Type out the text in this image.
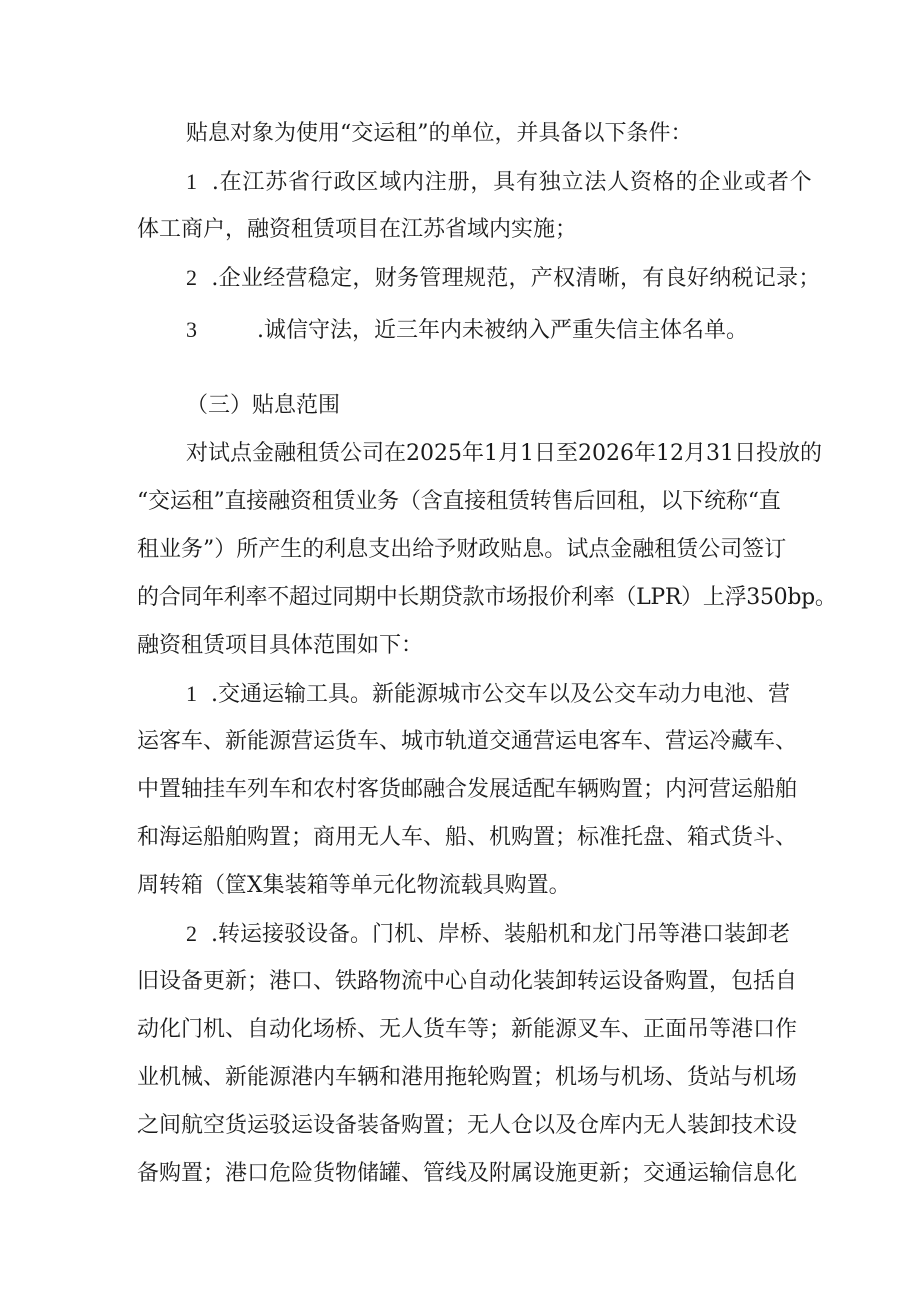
贴息对象为使用“交运租”的单位，并具备以下条件：
1 .在江苏省行政区域内注册，具有独立法人资格的企业或者个
体工商户，融资租赁项目在江苏省域内实施；
2 .企业经营稳定，财务管理规范，产权清晰，有良好纳税记录；
3	.诚信守法，近三年内未被纳入严重失信主体名单。
（三）贴息范围
对试点金融租赁公司在2025年1月1日至2026年12月31日投放的
“交运租”直接融资租赁业务（含直接租赁转售后回租，以下统称“直
租业务”）所产生的利息支出给予财政贴息。试点金融租赁公司签订
的合同年利率不超过同期中长期贷款市场报价利率（LPR）上浮350bp。
融资租赁项目具体范围如下：
1 .交通运输工具。新能源城市公交车以及公交车动力电池、营
运客车、新能源营运货车、城市轨道交通营运电客车、营运冷藏车、
中置轴挂车列车和农村客货邮融合发展适配车辆购置；内河营运船舶
和海运船舶购置；商用无人车、船、机购置；标准托盘、箱式货斗、
周转箱（筐X集装箱等单元化物流载具购置。
2 .转运接驳设备。门机、岸桥、装船机和龙门吊等港口装卸老
旧设备更新；港口、铁路物流中心自动化装卸转运设备购置，包括自
动化门机、自动化场桥、无人货车等；新能源叉车、正面吊等港口作
业机械、新能源港内车辆和港用拖轮购置；机场与机场、货站与机场
之间航空货运驳运设备装备购置；无人仓以及仓库内无人装卸技术设
备购置；港口危险货物储罐、管线及附属设施更新；交通运输信息化
